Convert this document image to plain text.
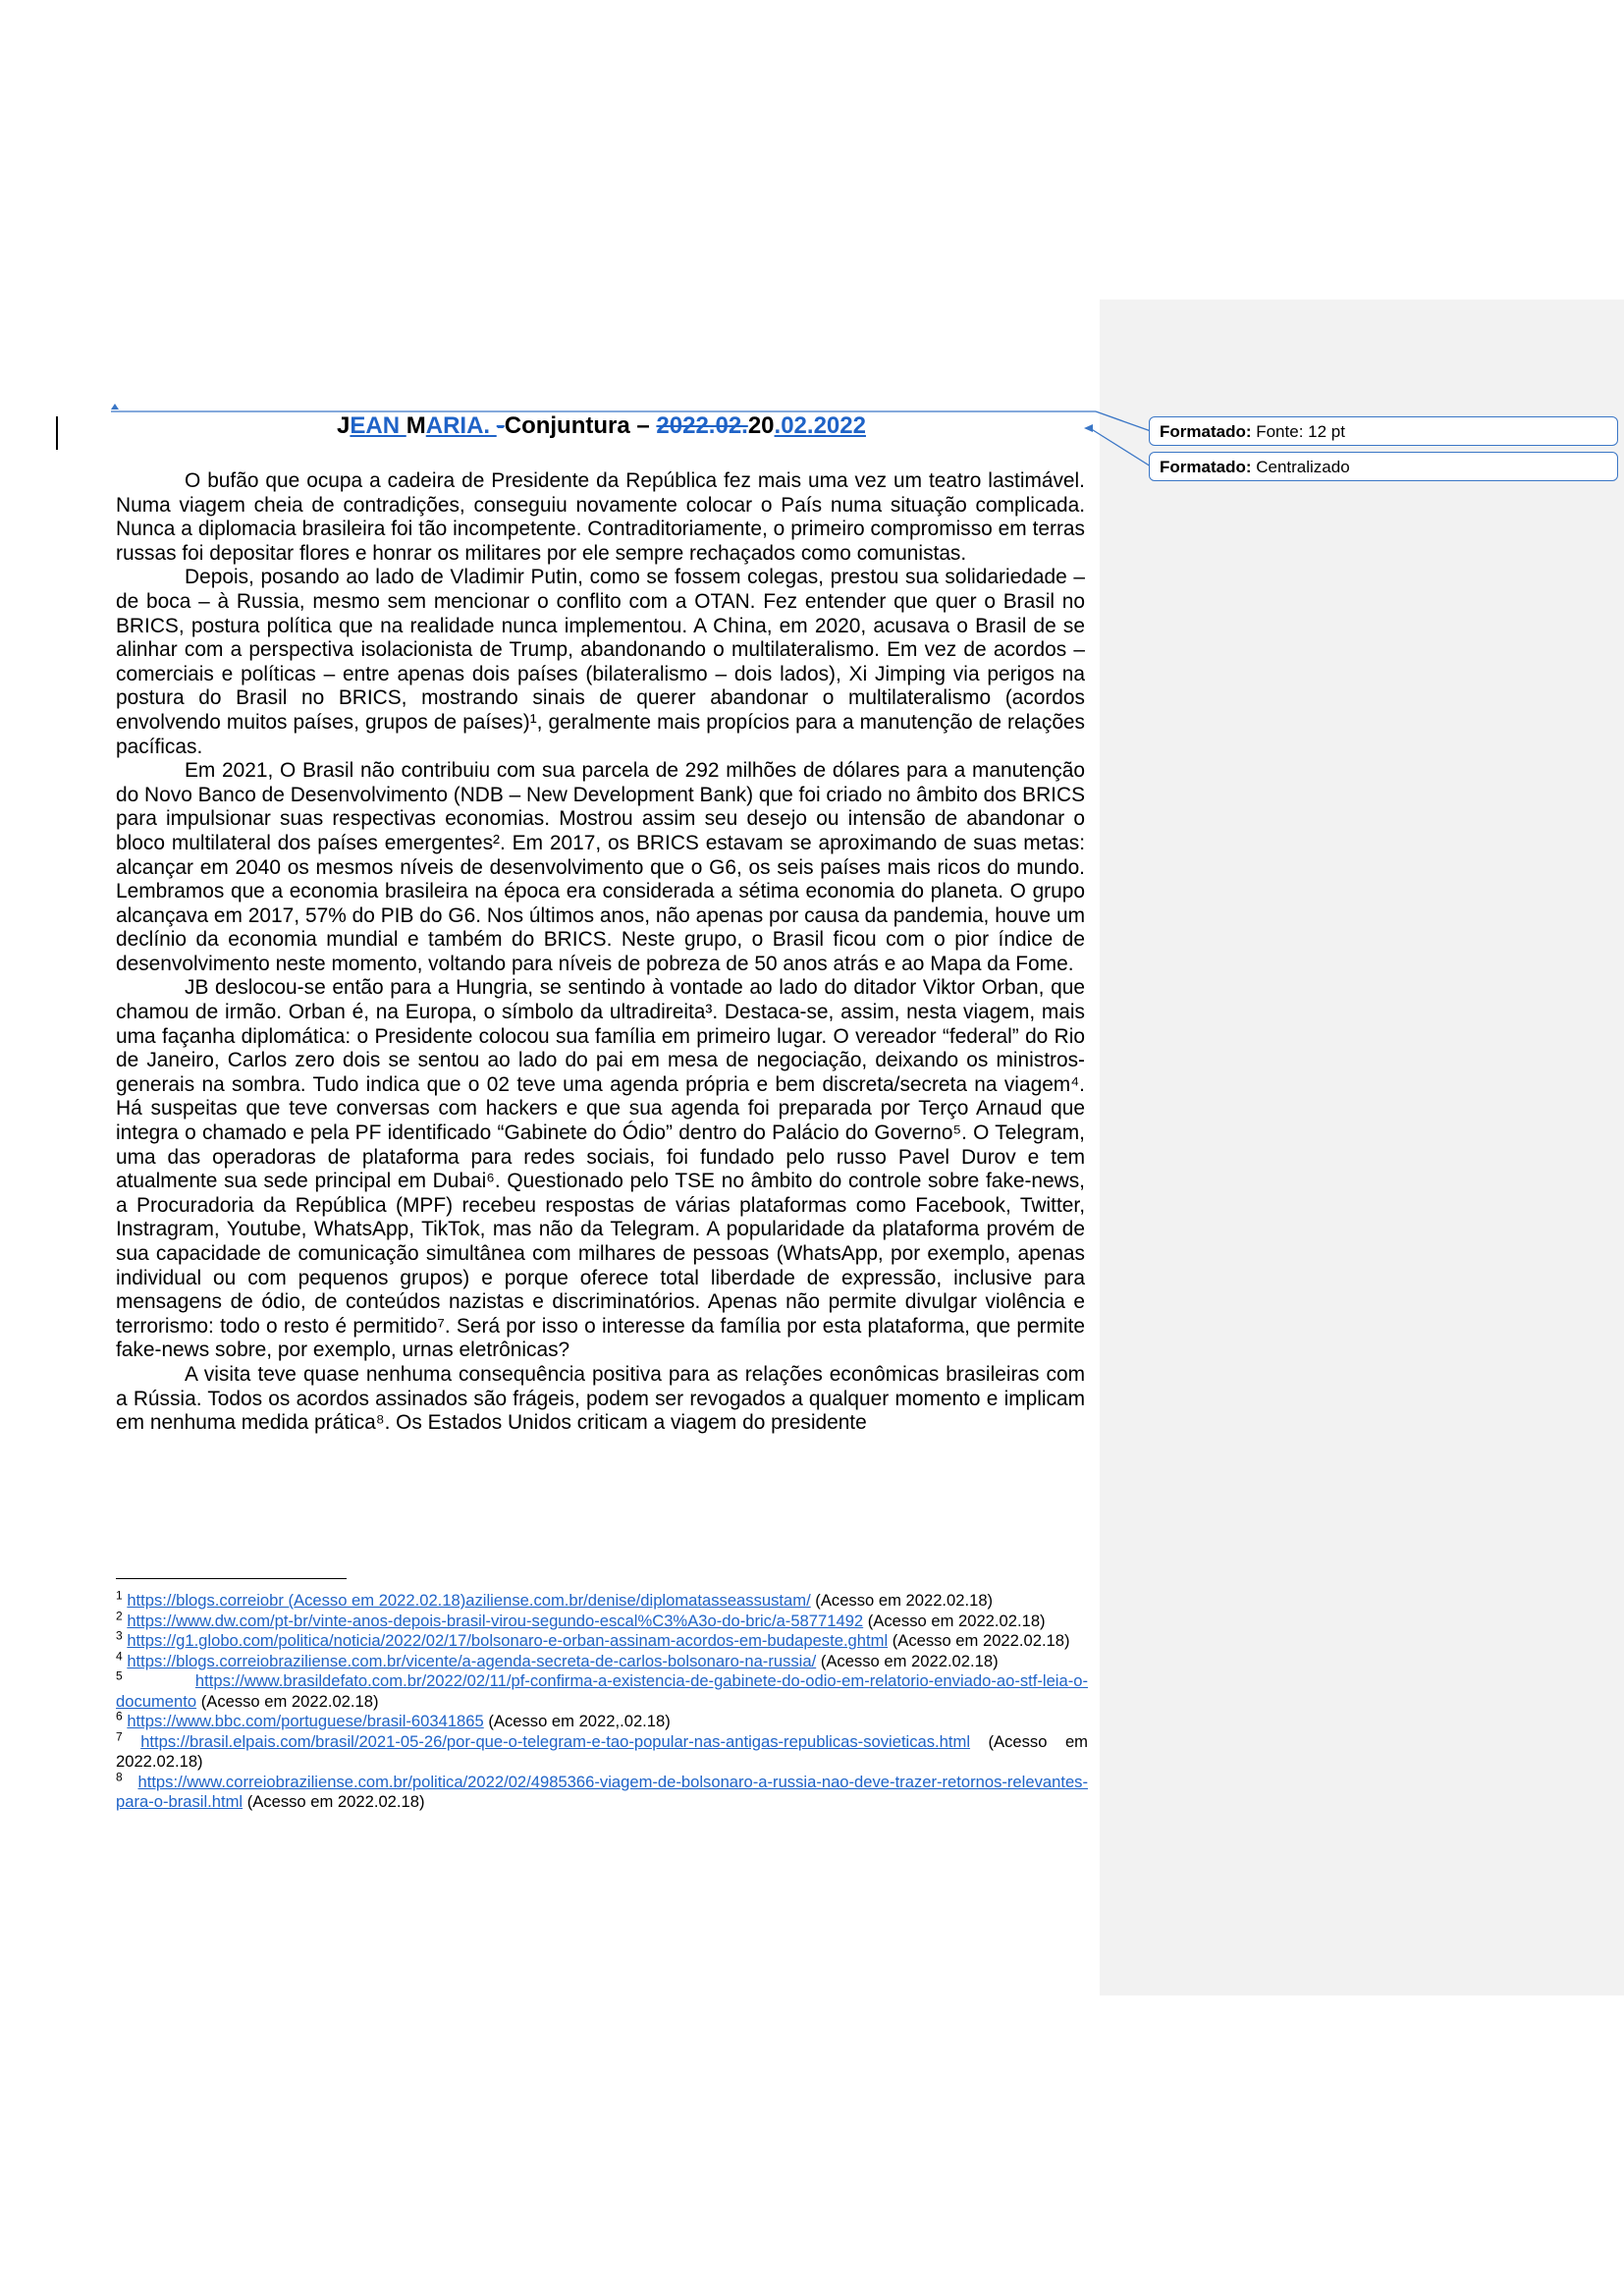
JEAN MARIA. -Conjuntura – 2022.02.20.02.2022

O bufão que ocupa a cadeira de Presidente da República fez mais uma vez um teatro lastimável. Numa viagem cheia de contradições, conseguiu novamente colocar o País numa situação complicada. Nunca a diplomacia brasileira foi tão incompetente. Contraditoriamente, o primeiro compromisso em terras russas foi depositar flores e honrar os militares por ele sempre rechaçados como comunistas.

Depois, posando ao lado de Vladimir Putin, como se fossem colegas, prestou sua solidariedade – de boca – à Russia, mesmo sem mencionar o conflito com a OTAN. Fez entender que quer o Brasil no BRICS, postura política que na realidade nunca implementou. A China, em 2020, acusava o Brasil de se alinhar com a perspectiva isolacionista de Trump, abandonando o multilateralismo. Em vez de acordos – comerciais e políticas – entre apenas dois países (bilateralismo – dois lados), Xi Jimping via perigos na postura do Brasil no BRICS, mostrando sinais de querer abandonar o multilateralismo (acordos envolvendo muitos países, grupos de países)¹, geralmente mais propícios para a manutenção de relações pacíficas.

Em 2021, O Brasil não contribuiu com sua parcela de 292 milhões de dólares para a manutenção do Novo Banco de Desenvolvimento (NDB – New Development Bank) que foi criado no âmbito dos BRICS para impulsionar suas respectivas economias. Mostrou assim seu desejo ou intensão de abandonar o bloco multilateral dos países emergentes². Em 2017, os BRICS estavam se aproximando de suas metas: alcançar em 2040 os mesmos níveis de desenvolvimento que o G6, os seis países mais ricos do mundo. Lembramos que a economia brasileira na época era considerada a sétima economia do planeta. O grupo alcançava em 2017, 57% do PIB do G6. Nos últimos anos, não apenas por causa da pandemia, houve um declínio da economia mundial e também do BRICS. Neste grupo, o Brasil ficou com o pior índice de desenvolvimento neste momento, voltando para níveis de pobreza de 50 anos atrás e ao Mapa da Fome.

JB deslocou-se então para a Hungria, se sentindo à vontade ao lado do ditador Viktor Orban, que chamou de irmão. Orban é, na Europa, o símbolo da ultradireita³. Destaca-se, assim, nesta viagem, mais uma façanha diplomática: o Presidente colocou sua família em primeiro lugar. O vereador “federal” do Rio de Janeiro, Carlos zero dois se sentou ao lado do pai em mesa de negociação, deixando os ministros-generais na sombra. Tudo indica que o 02 teve uma agenda própria e bem discreta/secreta na viagem⁴. Há suspeitas que teve conversas com hackers e que sua agenda foi preparada por Terço Arnaud que integra o chamado e pela PF identificado “Gabinete do Ódio” dentro do Palácio do Governo⁵. O Telegram, uma das operadoras de plataforma para redes sociais, foi fundado pelo russo Pavel Durov e tem atualmente sua sede principal em Dubai⁶. Questionado pelo TSE no âmbito do controle sobre fake-news, a Procuradoria da República (MPF) recebeu respostas de várias plataformas como Facebook, Twitter, Instragram, Youtube, WhatsApp, TikTok, mas não da Telegram. A popularidade da plataforma provém de sua capacidade de comunicação simultânea com milhares de pessoas (WhatsApp, por exemplo, apenas individual ou com pequenos grupos) e porque oferece total liberdade de expressão, inclusive para mensagens de ódio, de conteúdos nazistas e discriminatórios. Apenas não permite divulgar violência e terrorismo: todo o resto é permitido⁷. Será por isso o interesse da família por esta plataforma, que permite fake-news sobre, por exemplo, urnas eletrônicas?

A visita teve quase nenhuma consequência positiva para as relações econômicas brasileiras com a Rússia. Todos os acordos assinados são frágeis, podem ser revogados a qualquer momento e implicam em nenhuma medida prática⁸. Os Estados Unidos criticam a viagem do presidente

$^1$ https://blogs.correiobr (Acesso em 2022.02.18)aziliense.com.br/denise/diplomatasseassustam/ (Acesso em 2022.02.18)

$^2$ https://www.dw.com/pt-br/vinte-anos-depois-brasil-virou-segundo-escal%C3%A3o-do-bric/a-58771492 (Acesso em 2022.02.18)

$^3$ https://g1.globo.com/politica/noticia/2022/02/17/bolsonaro-e-orban-assinam-acordos-em-budapeste.ghtml (Acesso em 2022.02.18)

$^4$ https://blogs.correiobraziliense.com.br/vicente/a-agenda-secreta-de-carlos-bolsonaro-na-russia/ (Acesso em 2022.02.18)

$^5$	https://www.brasildefato.com.br/2022/02/11/pf-confirma-a-existencia-de-gabinete-do-odio-em-relatorio-enviado-ao-stf-leia-o-documento (Acesso em 2022.02.18)

$^6$ https://www.bbc.com/portuguese/brasil-60341865 (Acesso em 2022,.02.18)

$^7$ https://brasil.elpais.com/brasil/2021-05-26/por-que-o-telegram-e-tao-popular-nas-antigas-republicas-sovieticas.html (Acesso em 2022.02.18)

$^8$ https://www.correiobraziliense.com.br/politica/2022/02/4985366-viagem-de-bolsonaro-a-russia-nao-deve-trazer-retornos-relevantes-para-o-brasil.html (Acesso em 2022.02.18)

Formatado: Fonte: 12 pt
Formatado: Centralizado
